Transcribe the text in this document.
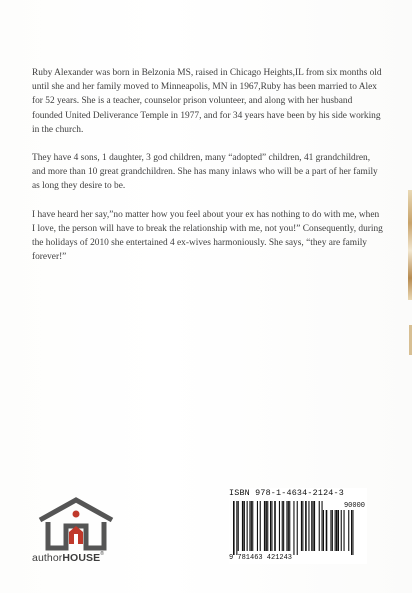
Ruby Alexander was born in Belzonia MS, raised in Chicago Heights,IL from six months old until she and her family moved to Minneapolis, MN in 1967,Ruby has been married to Alex for 52 years. She is a teacher, counselor prison volunteer, and along with her husband founded United Deliverance Temple in 1977, and for 34 years have been by his side working in the church.

They have 4 sons, 1 daughter, 3 god children, many “adopted” children, 41 grandchildren, and more than 10 great grandchildren. She has many inlaws who will be a part of her family as long they desire to be.

I have heard her say,”no matter how you feel about your ex has nothing to do with me, when I love, the person will have to break the relationship with me, not you!” Consequently, during the holidays of 2010 she entertained 4 ex-wives harmoniously. She says, “they are family forever!”

authorHOUSE®
ISBN 978-1-4634-2124-3
90000
9 781463 421243
